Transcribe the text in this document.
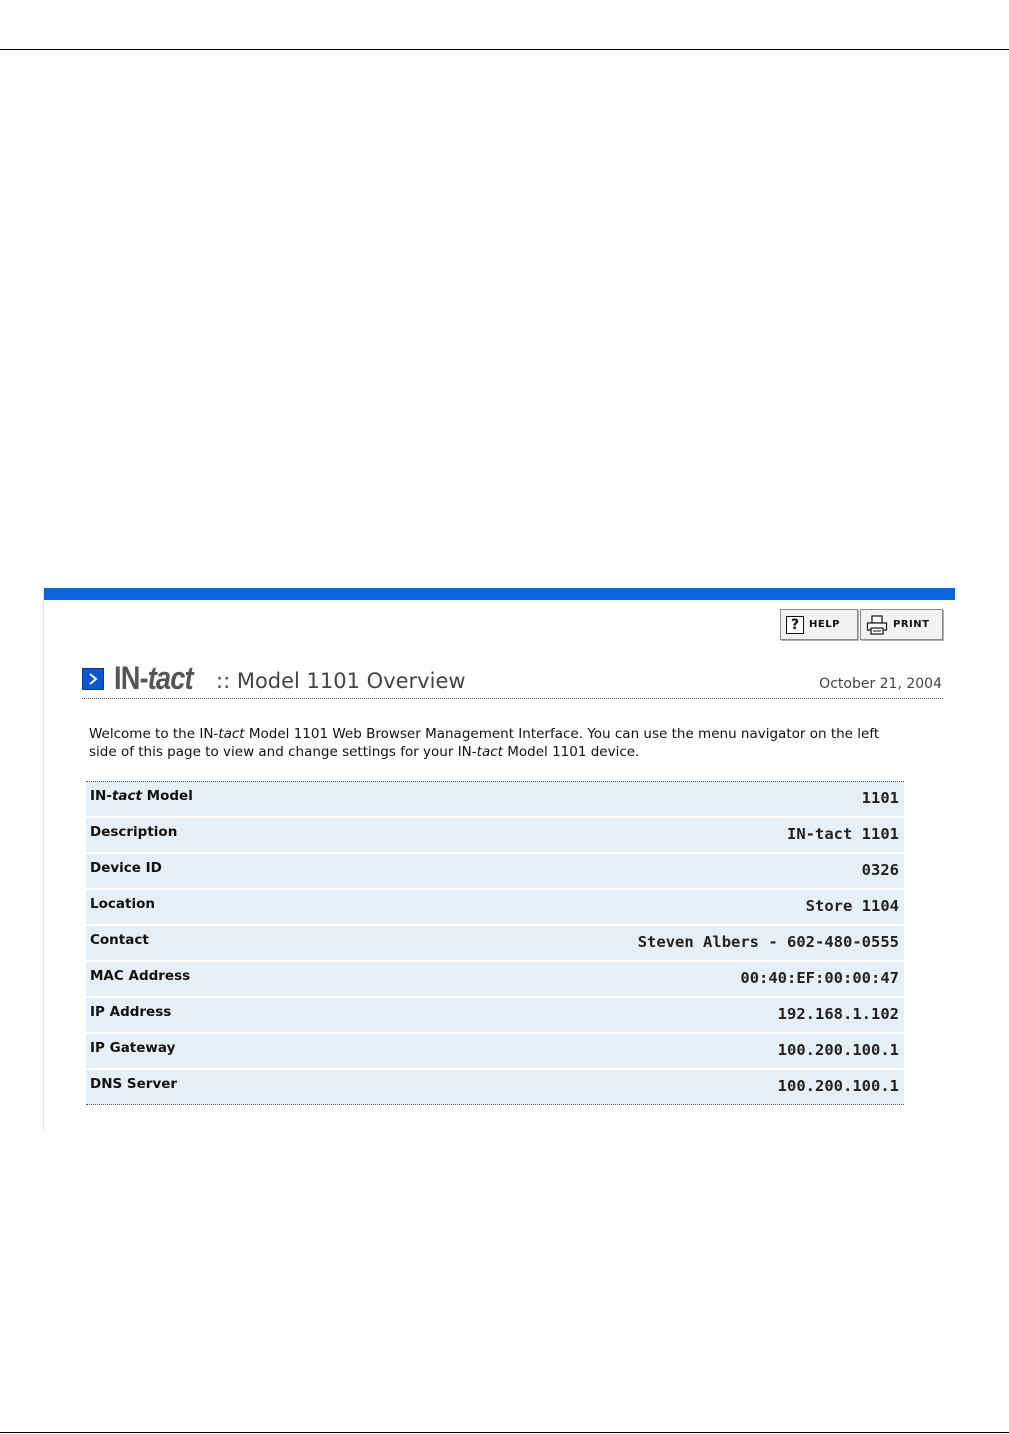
? HELP	PRINT
IN-tact :: Model 1101 Overview	October 21, 2004
Welcome to the IN-tact Model 1101 Web Browser Management Interface. You can use the menu navigator on the left side of this page to view and change settings for your IN-tact Model 1101 device.
IN-tact Model	1101
Description	IN-tact 1101
Device ID	0326
Location	Store 1104
Contact	Steven Albers - 602-480-0555
MAC Address	00:40:EF:00:00:47
IP Address	192.168.1.102
IP Gateway	100.200.100.1
DNS Server	100.200.100.1
